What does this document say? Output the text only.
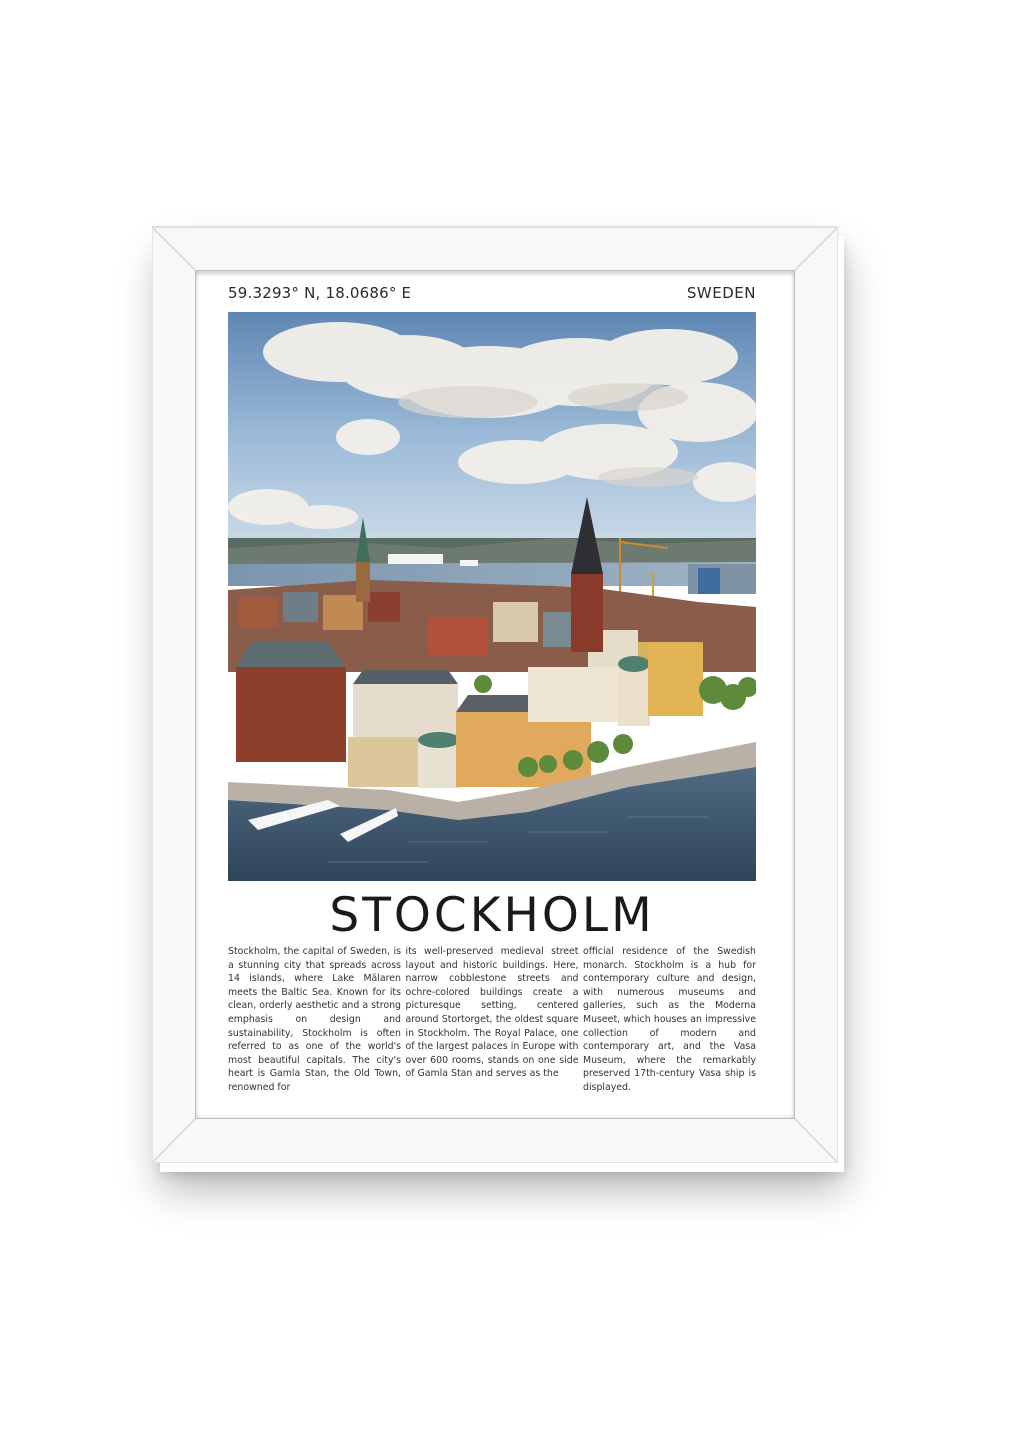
59.3293° N, 18.0686° E	SWEDEN
STOCKHOLM
Stockholm, the capital of Sweden, is a stunning city that spreads across 14 islands, where Lake Mälaren meets the Baltic Sea. Known for its clean, orderly aesthetic and a strong emphasis on design and sustainability, Stockholm is often referred to as one of the world's most beautiful capitals. The city's heart is Gamla Stan, the Old Town, renowned for
its well-preserved medieval street layout and historic buildings. Here, narrow cobblestone streets and ochre-colored buildings create a picturesque setting, centered around Stortorget, the oldest square in Stockholm. The Royal Palace, one of the largest palaces in Europe with over 600 rooms, stands on one side of Gamla Stan and serves as the
official residence of the Swedish monarch. Stockholm is a hub for contemporary culture and design, with numerous museums and galleries, such as the Moderna Museet, which houses an impressive collection of modern and contemporary art, and the Vasa Museum, where the remarkably preserved 17th-century Vasa ship is displayed.
